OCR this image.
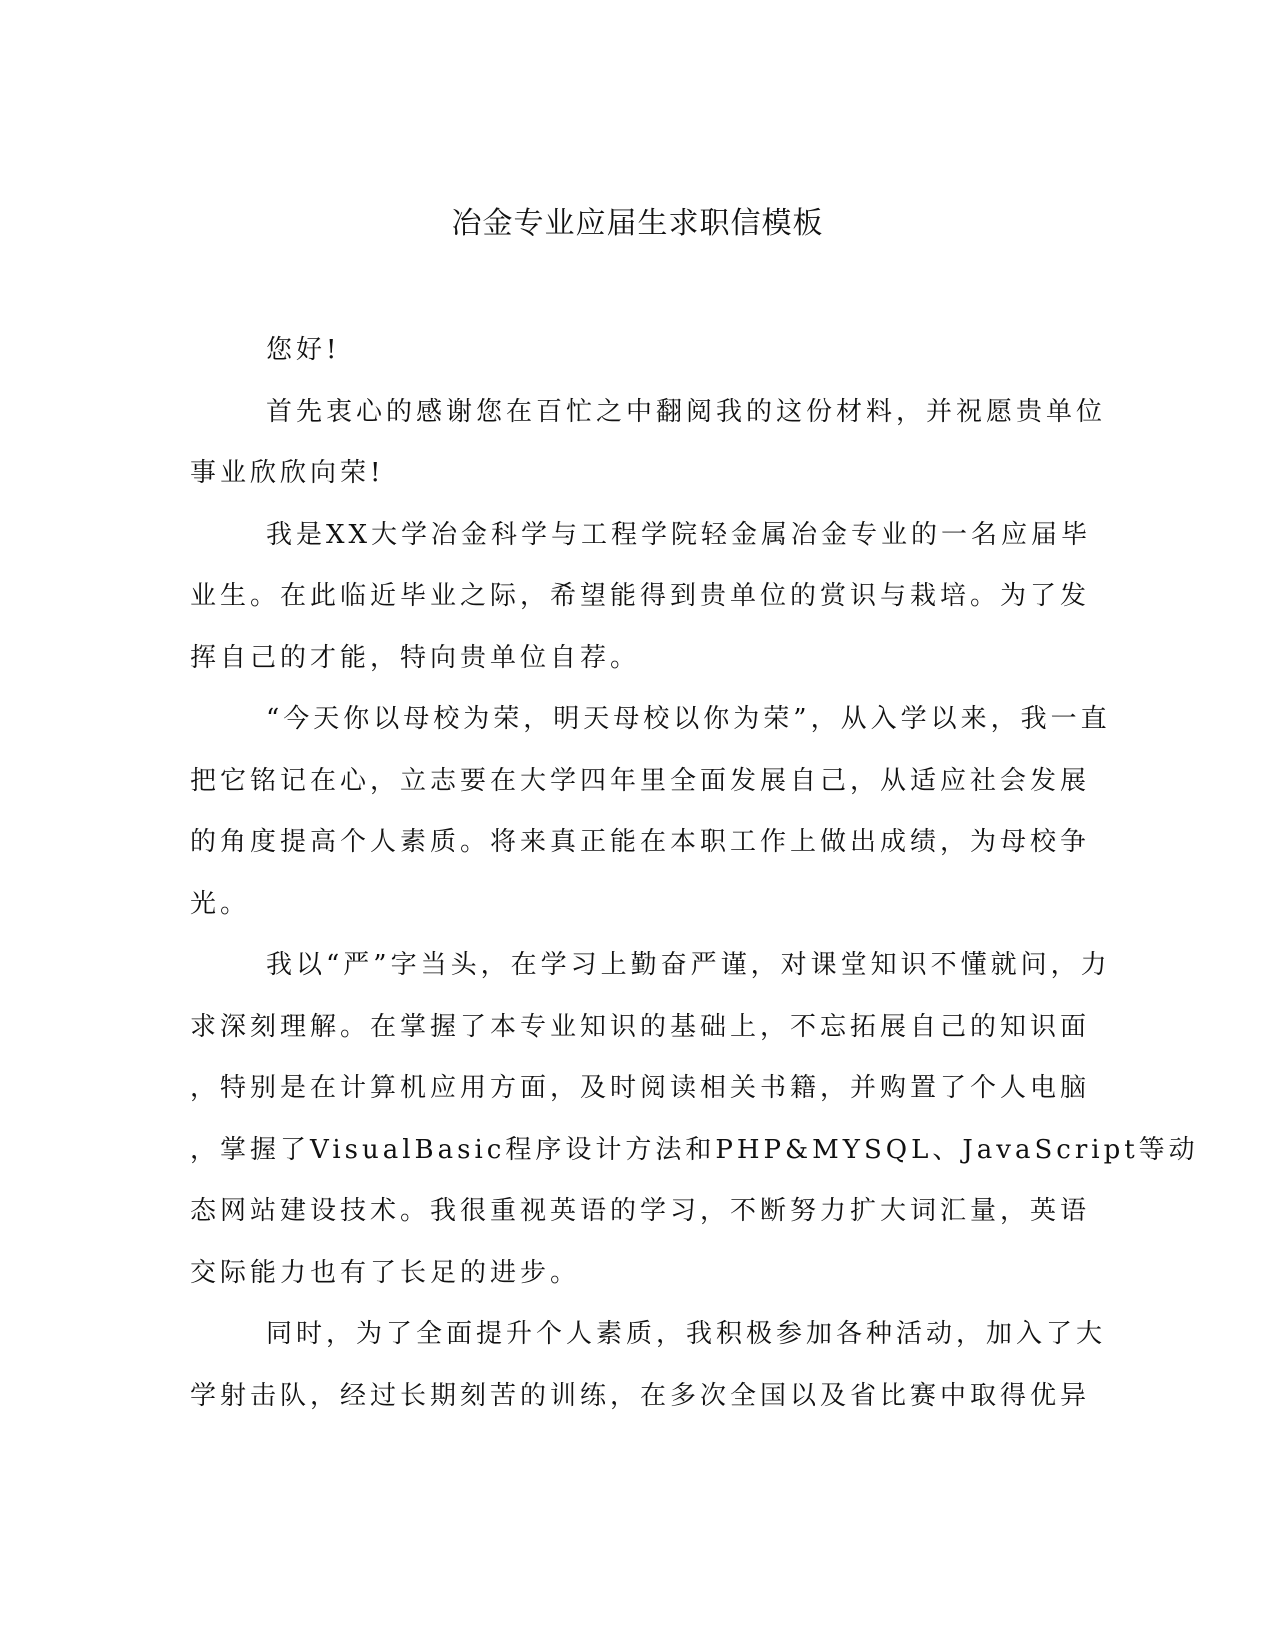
冶金专业应届生求职信模板
您好!
首先衷心的感谢您在百忙之中翻阅我的这份材料，并祝愿贵单位
事业欣欣向荣!
我是XX大学冶金科学与工程学院轻金属冶金专业的一名应届毕
业生。在此临近毕业之际，希望能得到贵单位的赏识与栽培。为了发
挥自己的才能，特向贵单位自荐。
“今天你以母校为荣，明天母校以你为荣”，从入学以来，我一直
把它铭记在心，立志要在大学四年里全面发展自己，从适应社会发展
的角度提高个人素质。将来真正能在本职工作上做出成绩，为母校争
光。
我以“严”字当头，在学习上勤奋严谨，对课堂知识不懂就问，力
求深刻理解。在掌握了本专业知识的基础上，不忘拓展自己的知识面
，特别是在计算机应用方面，及时阅读相关书籍，并购置了个人电脑
，掌握了VisualBasic程序设计方法和PHP&MYSQL、JavaScript等动
态网站建设技术。我很重视英语的学习，不断努力扩大词汇量，英语
交际能力也有了长足的进步。
同时，为了全面提升个人素质，我积极参加各种活动，加入了大
学射击队，经过长期刻苦的训练，在多次全国以及省比赛中取得优异
